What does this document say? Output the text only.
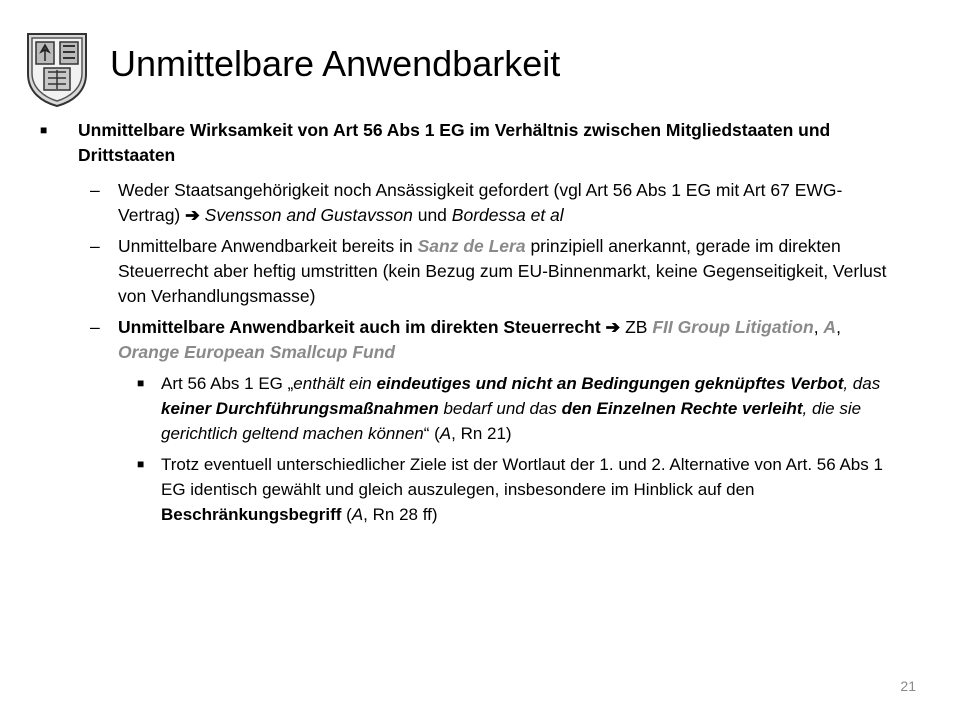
Unmittelbare Anwendbarkeit
■ Unmittelbare Wirksamkeit von Art 56 Abs 1 EG im Verhältnis zwischen Mitgliedstaaten und Drittstaaten
– Weder Staatsangehörigkeit noch Ansässigkeit gefordert (vgl Art 56 Abs 1 EG mit Art 67 EWG-Vertrag) ➔ Svensson and Gustavsson und Bordessa et al
– Unmittelbare Anwendbarkeit bereits in Sanz de Lera prinzipiell anerkannt, gerade im direkten Steuerrecht aber heftig umstritten (kein Bezug zum EU-Binnenmarkt, keine Gegenseitigkeit, Verlust von Verhandlungsmasse)
– Unmittelbare Anwendbarkeit auch im direkten Steuerrecht ➔ ZB FII Group Litigation, A, Orange European Smallcup Fund
■ Art 56 Abs 1 EG „enthält ein eindeutiges und nicht an Bedingungen geknüpftes Verbot, das keiner Durchführungsmaßnahmen bedarf und das den Einzelnen Rechte verleiht, die sie gerichtlich geltend machen können“ (A, Rn 21)
■ Trotz eventuell unterschiedlicher Ziele ist der Wortlaut der 1. und 2. Alternative von Art. 56 Abs 1 EG identisch gewählt und gleich auszulegen, insbesondere im Hinblick auf den Beschränkungsbegriff (A, Rn 28 ff)
21
